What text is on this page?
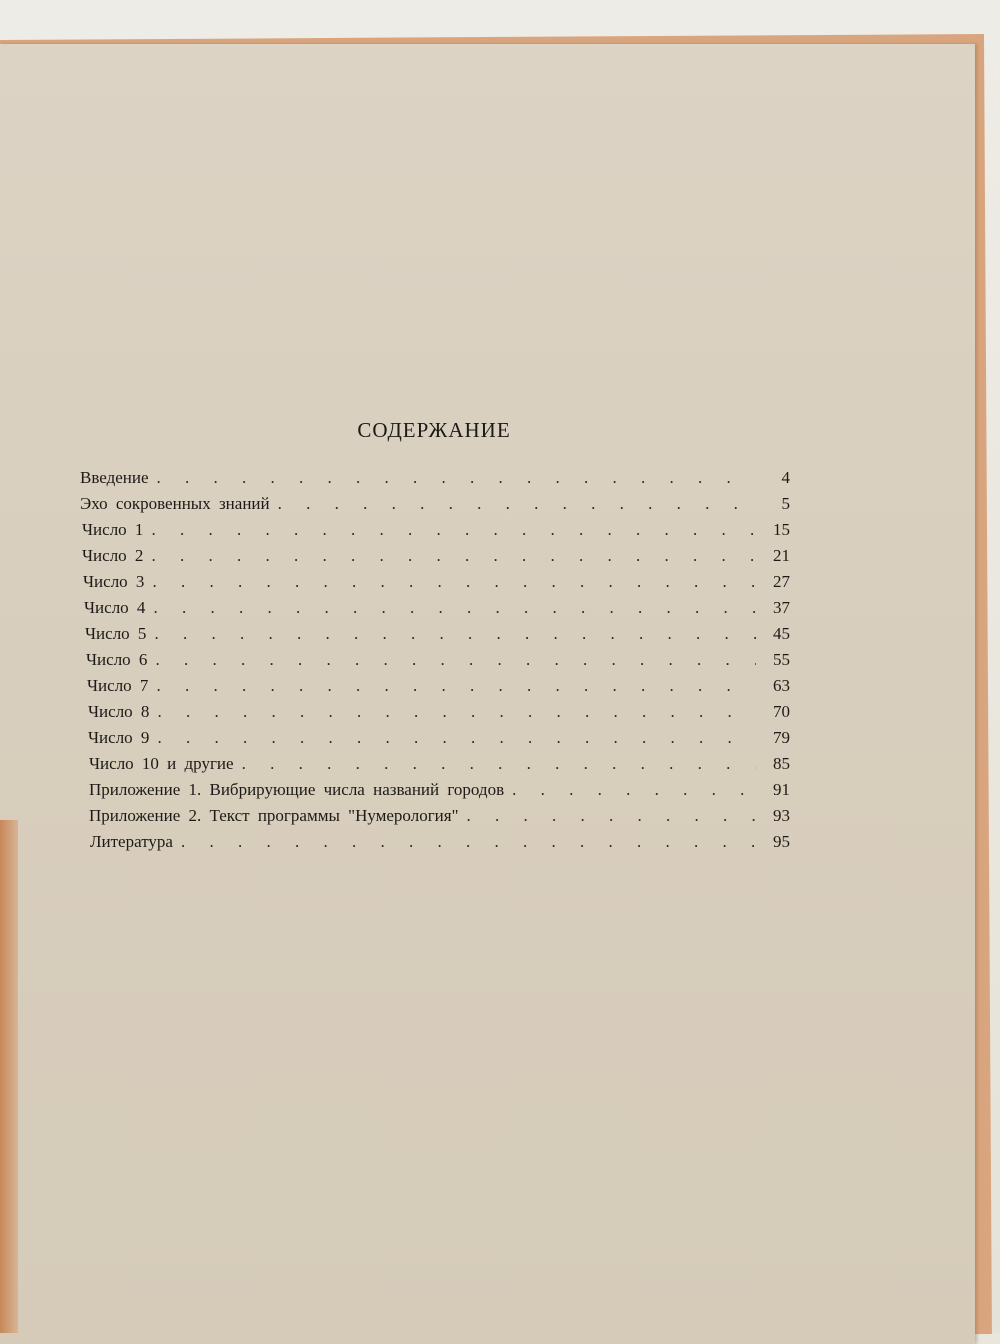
СОДЕРЖАНИЕ
Введение . . .	4
Эхо сокровенных знаний . . .	5
Число 1 . . .	15
Число 2 . . .	21
Число 3 . . .	27
Число 4 . . .	37
Число 5 . . .	45
Число 6 . . .	55
Число 7 . . .	63
Число 8 . . .	70
Число 9 . . .	79
Число 10 и другие . . .	85
Приложение 1. Вибрирующие числа названий городов . . .	91
Приложение 2. Текст программы "Нумерология" . . .	93
Литература . . .	95
